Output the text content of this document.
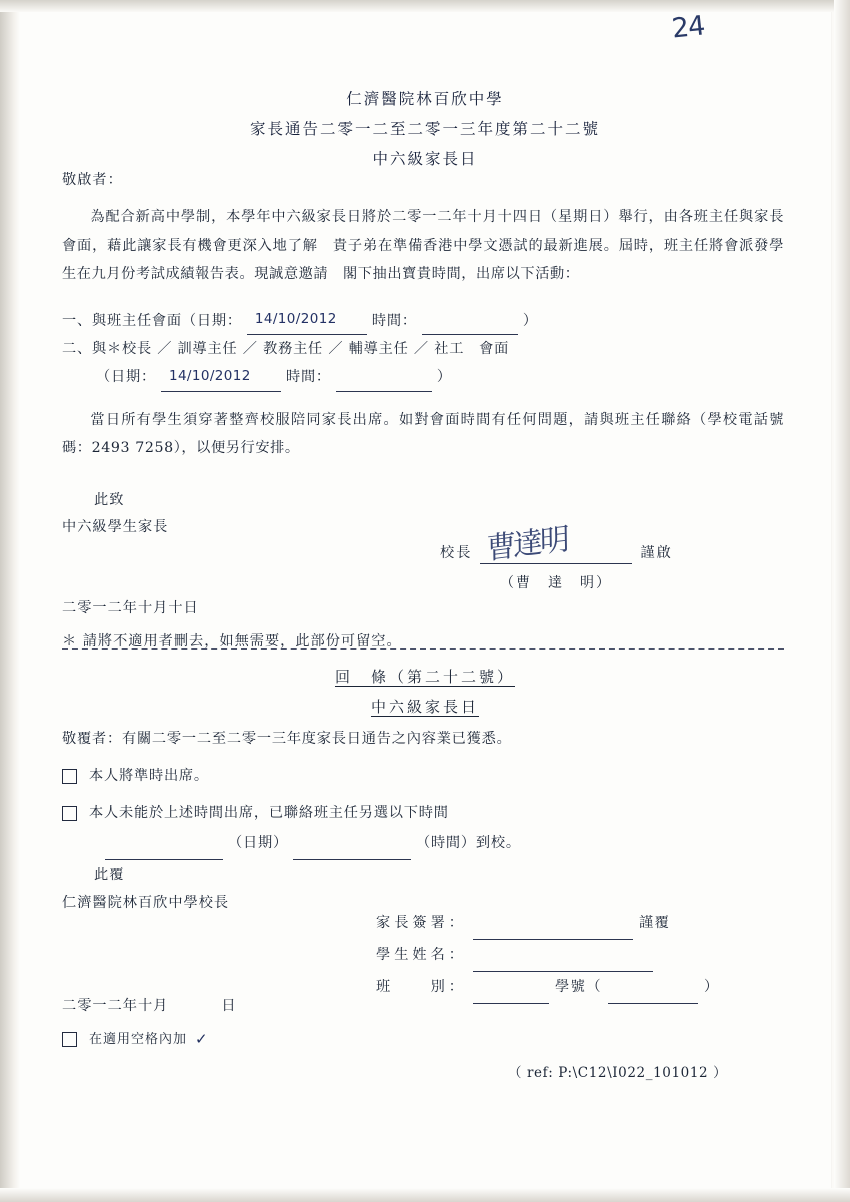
24
仁濟醫院林百欣中學
家長通告二零一二至二零一三年度第二十二號
中六級家長日
敬啟者：

為配合新高中學制，本學年中六級家長日將於二零一二年十月十四日（星期日）舉行，由各班主任與家長會面，藉此讓家長有機會更深入地了解　貴子弟在準備香港中學文憑試的最新進展。屆時，班主任將會派發學生在九月份考試成績報告表。現誠意邀請　閣下抽出寶貴時間，出席以下活動：

一、 與班主任會面 （日期： 14/10/2012 時間：	）
二、 與＊校長 ／ 訓導主任 ／ 教務主任 ／ 輔導主任 ／ 社工　會面
（日期： 14/10/2012 時間：	）

當日所有學生須穿著整齊校服陪同家長出席。如對會面時間有任何問題，請與班主任聯絡（學校電話號碼：2493 7258），以便另行安排。

此致
中六級學生家長
校長 曹達明	謹啟
（曹　達　明）
二零一二年十月十日
＊ 請將不適用者刪去，如無需要，此部份可留空。
回　條（第二十二號）
中六級家長日
敬覆者：有關二零一二至二零一三年度家長日通告之內容業已獲悉。
本人將準時出席。
本人未能於上述時間出席，已聯絡班主任另選以下時間
（日期）	（時間） 到校。
此覆
仁濟醫院林百欣中學校長
家長簽署：	謹覆
學生姓名：
班　　別：	學號（	）
二零一二年十月	日
在適用空格內加 ✓
（ ref: P:\C12\I022_101012 ）
